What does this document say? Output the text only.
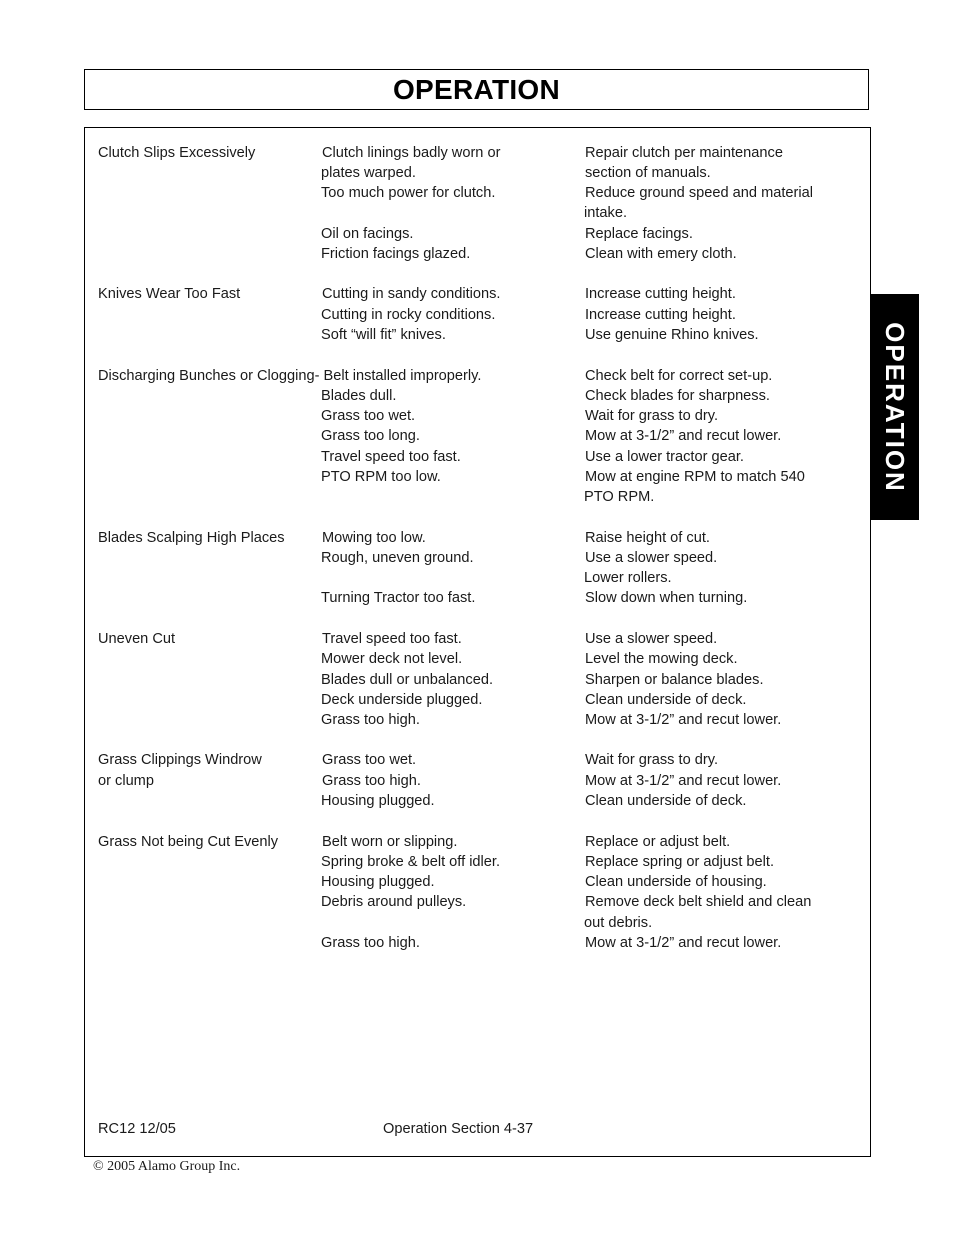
OPERATION
OPERATION
Clutch Slips Excessively	Clutch linings badly worn or	Repair clutch per maintenance
plates warped.	section of manuals.
Too much power for clutch.	Reduce ground speed and material
intake.
Oil on facings.	Replace facings.
Friction facings glazed.	Clean with emery cloth.
Knives Wear Too Fast	Cutting in sandy conditions.	Increase cutting height.
Cutting in rocky conditions.	Increase cutting height.
Soft “will fit” knives.	Use genuine Rhino knives.
Discharging Bunches or Clogging- Belt installed improperly.	Check belt for correct set-up.
Blades dull.	Check blades for sharpness.
Grass too wet.	Wait for grass to dry.
Grass too long.	Mow at 3-1/2” and recut lower.
Travel speed too fast.	Use a lower tractor gear.
PTO RPM too low.	Mow at engine RPM to match 540
PTO RPM.
Blades Scalping High Places	Mowing too low.	Raise height of cut.
Rough, uneven ground.	Use a slower speed.
Lower rollers.
Turning Tractor too fast.	Slow down when turning.
Uneven Cut	Travel speed too fast.	Use a slower speed.
Mower deck not level.	Level the mowing deck.
Blades dull or unbalanced.	Sharpen or balance blades.
Deck underside plugged.	Clean underside of deck.
Grass too high.	Mow at 3-1/2” and recut lower.
Grass Clippings Windrow	Grass too wet.	Wait for grass to dry.
or clump	Grass too high.	Mow at 3-1/2” and recut lower.
Housing plugged.	Clean underside of deck.
Grass Not being Cut Evenly	Belt worn or slipping.	Replace or adjust belt.
Spring broke & belt off idler.	Replace spring or adjust belt.
Housing plugged.	Clean underside of housing.
Debris around pulleys.	Remove deck belt shield and clean
out debris.
Grass too high.	Mow at 3-1/2” and recut lower.
RC12 12/05	Operation Section 4-37
© 2005 Alamo Group Inc.
